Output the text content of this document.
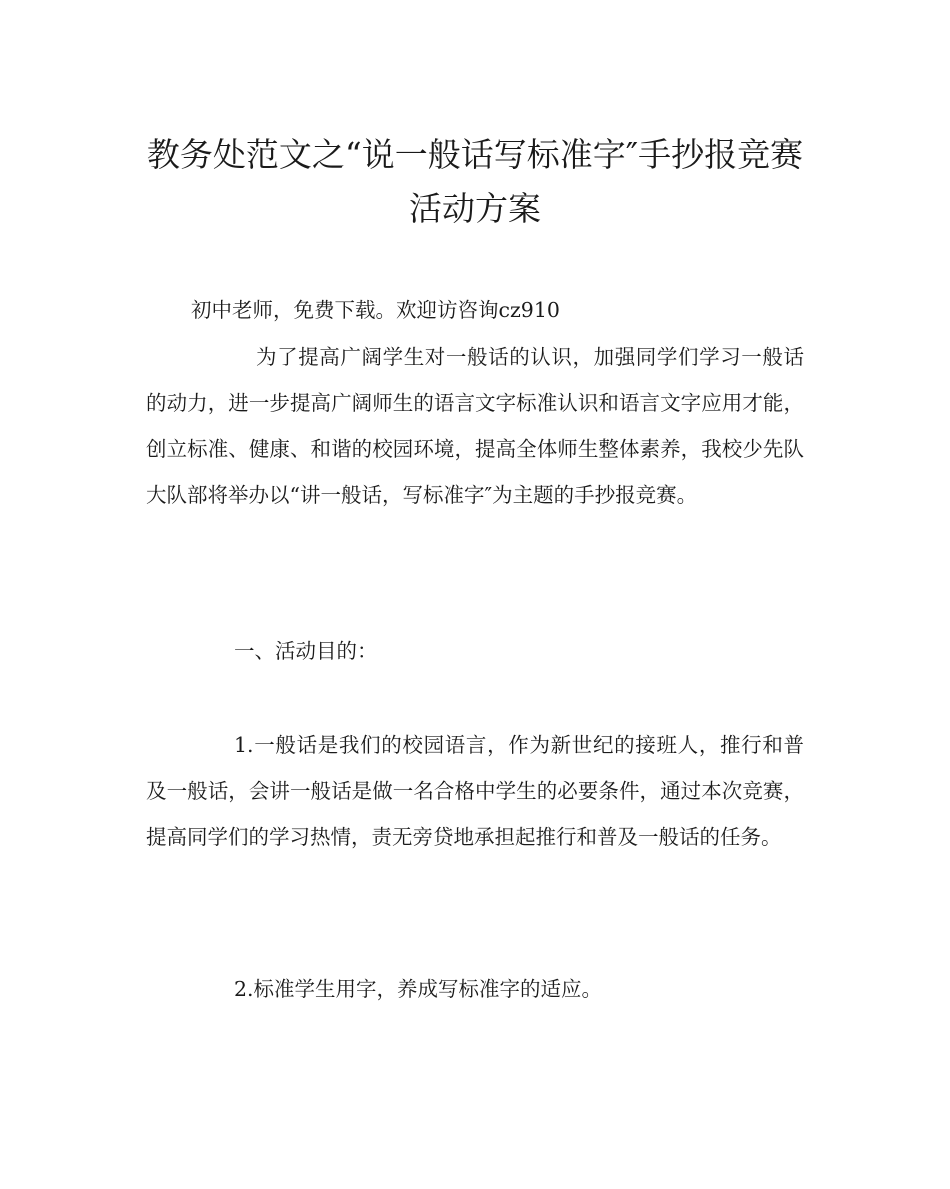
教务处范文之“说一般话写标准字″手抄报竞赛活动方案
初中老师，免费下载。欢迎访咨询cz910
为了提高广阔学生对一般话的认识，加强同学们学习一般话的动力，进一步提高广阔师生的语言文字标准认识和语言文字应用才能，创立标准、健康、和谐的校园环境，提高全体师生整体素养，我校少先队大队部将举办以“讲一般话，写标准字″为主题的手抄报竞赛。
一、活动目的：
1.一般话是我们的校园语言，作为新世纪的接班人，推行和普及一般话，会讲一般话是做一名合格中学生的必要条件，通过本次竞赛，提高同学们的学习热情，责无旁贷地承担起推行和普及一般话的任务。
2.标准学生用字，养成写标准字的适应。
